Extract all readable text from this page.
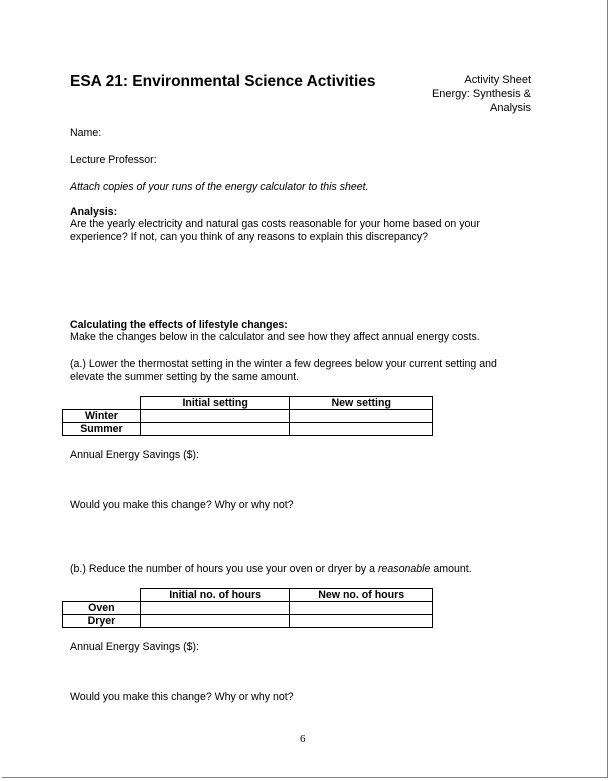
ESA 21: Environmental Science Activities	Activity Sheet
Energy: Synthesis &
Analysis
Name:
Lecture Professor:
Attach copies of your runs of the energy calculator to this sheet.
Analysis:
Are the yearly electricity and natural gas costs reasonable for your home based on your
experience? If not, can you think of any reasons to explain this discrepancy?
Calculating the effects of lifestyle changes:
Make the changes below in the calculator and see how they affect annual energy costs.
(a.) Lower the thermostat setting in the winter a few degrees below your current setting and
elevate the summer setting by the same amount.
	Initial setting	New setting
Winter		
Summer		
Annual Energy Savings ($):
Would you make this change? Why or why not?
(b.) Reduce the number of hours you use your oven or dryer by a reasonable amount.
	Initial no. of hours	New no. of hours
Oven		
Dryer		
Annual Energy Savings ($):
Would you make this change? Why or why not?
6
